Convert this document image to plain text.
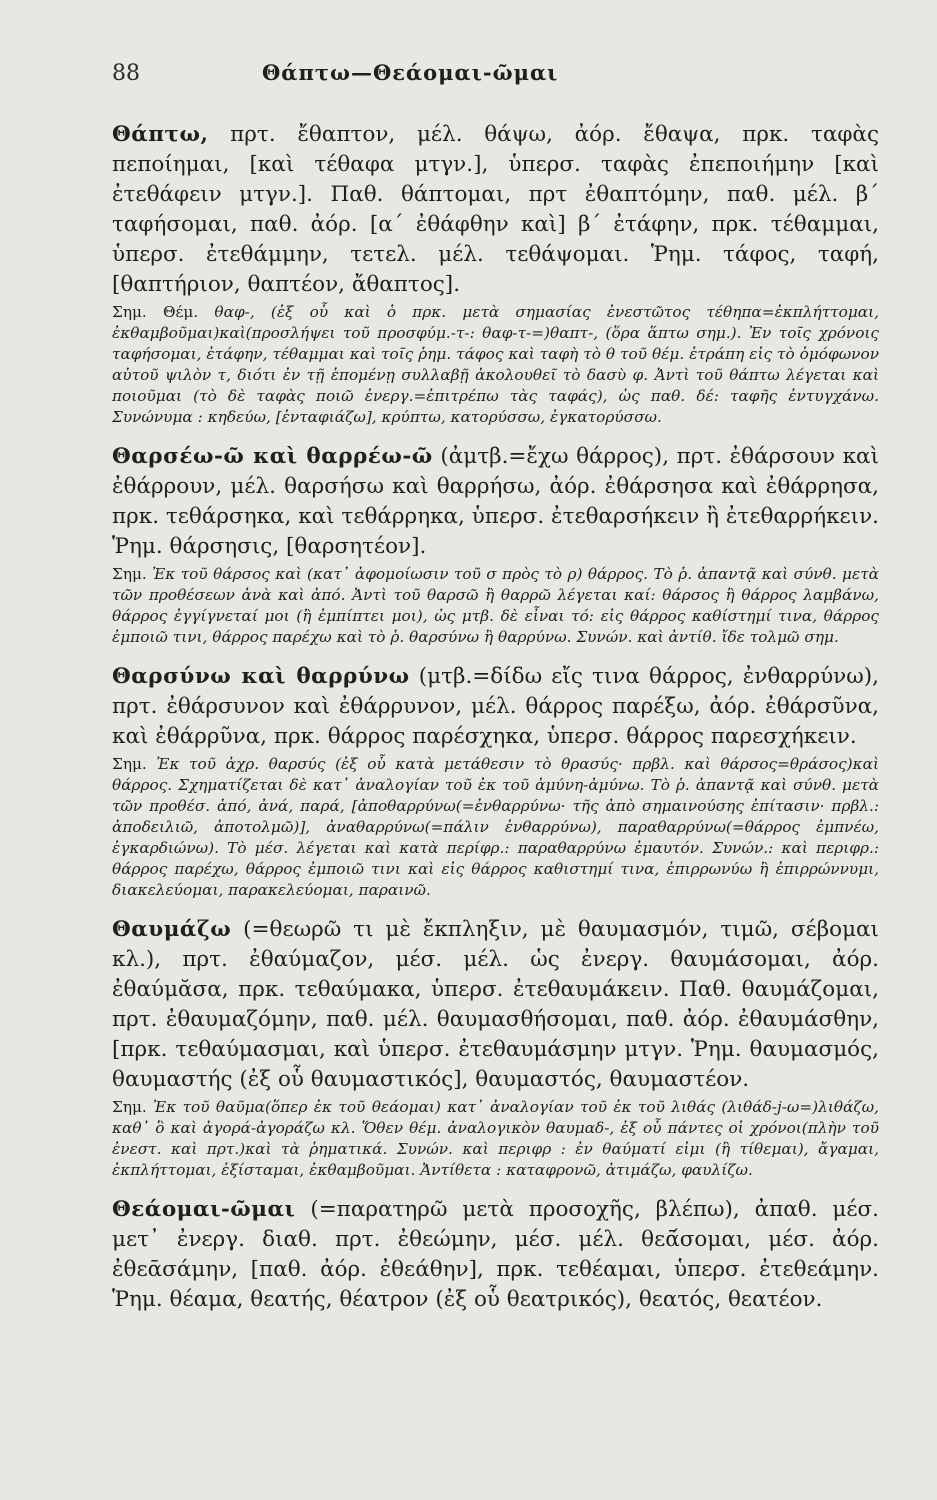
88	Θάπτω—Θεάομαι-ῶμαι

Θάπτω, πρτ. ἔθαπτον, μέλ. θάψω, ἀόρ. ἔθαψα, πρκ. ταφὰς πεποίημαι, [καὶ τέθαφα μτγν.], ὑπερσ. ταφὰς ἐπεποιήμην [καὶ ἐτεθάφειν μτγν.]. Παθ. θάπτομαι, πρτ ἐθαπτόμην, παθ. μέλ. β΄ ταφήσομαι, παθ. ἀόρ. [α΄ ἐθάφθην καὶ] β΄ ἐτάφην, πρκ. τέθαμμαι, ὑπερσ. ἐτεθάμμην, τετελ. μέλ. τεθάψομαι. Ῥημ. τάφος, ταφή, [θαπτήριον, θαπτέον, ἄθαπτος].

Σημ. Θέμ. θαφ-, (ἐξ οὗ καὶ ὁ πρκ. μετὰ σημασίας ἐνεστῶτος τέθηπα=ἐκπλήττομαι, ἐκθαμβοῦμαι)καὶ(προσλήψει τοῦ προσφύμ.-τ-: θαφ-τ-=)θαπτ-, (ὅρα ἅπτω σημ.). Ἐν τοῖς χρόνοις ταφήσομαι, ἐτάφην, τέθαμμαι καὶ τοῖς ῥημ. τάφος καὶ ταφὴ τὸ θ τοῦ θέμ. ἐτράπη εἰς τὸ ὁμόφωνον αὐτοῦ ψιλὸν τ, διότι ἐν τῇ ἑπομένῃ συλλαβῇ ἀκολουθεῖ τὸ δασὺ φ. Ἀντὶ τοῦ θάπτω λέγεται καὶ ποιοῦμαι (τὸ δὲ ταφὰς ποιῶ ἐνεργ.=ἐπιτρέπω τὰς ταφάς), ὡς παθ. δέ: ταφῆς ἐντυγχάνω. Συνώνυμα : κηδεύω, [ἐνταφιάζω], κρύπτω, κατορύσσω, ἐγκατορύσσω.

Θαρσέω-ῶ καὶ θαρρέω-ῶ (ἀμτβ.=ἔχω θάρρος), πρτ. ἐθάρσουν καὶ ἐθάρρουν, μέλ. θαρσήσω καὶ θαρρήσω, ἀόρ. ἐθάρσησα καὶ ἐθάρρησα, πρκ. τεθάρσηκα, καὶ τεθάρρηκα, ὑπερσ. ἐτεθαρσήκειν ἢ ἐτεθαρρήκειν. Ῥημ. θάρσησις, [θαρσητέον].

Σημ. Ἐκ τοῦ θάρσος καὶ (κατ᾽ ἀφομοίωσιν τοῦ σ πρὸς τὸ ρ) θάρρος. Τὸ ῥ. ἀπαντᾷ καὶ σύνθ. μετὰ τῶν προθέσεων ἀνὰ καὶ ἀπό. Ἀντὶ τοῦ θαρσῶ ἢ θαρρῶ λέγεται καί: θάρσος ἢ θάρρος λαμβάνω, θάρρος ἐγγίγνεταί μοι (ἢ ἐμπίπτει μοι), ὡς μτβ. δὲ εἶναι τό: εἰς θάρρος καθίστημί τινα, θάρρος ἐμποιῶ τινι, θάρρος παρέχω καὶ τὸ ῥ. θαρσύνω ἢ θαρρύνω. Συνών. καὶ ἀντίθ. ἴδε τολμῶ σημ.

Θαρσύνω καὶ θαρρύνω (μτβ.=δίδω εἴς τινα θάρρος, ἐνθαρρύνω), πρτ. ἐθάρσυνον καὶ ἐθάρρυνον, μέλ. θάρρος παρέξω, ἀόρ. ἐθάρσῦνα, καὶ ἐθάρρῦνα, πρκ. θάρρος παρέσχηκα, ὑπερσ. θάρρος παρεσχήκειν.

Σημ. Ἐκ τοῦ ἀχρ. θαρσύς (ἐξ οὗ κατὰ μετάθεσιν τὸ θρασύς· πρβλ. καὶ θάρσος=θράσος)καὶ θάρρος. Σχηματίζεται δὲ κατ᾽ ἀναλογίαν τοῦ ἐκ τοῦ ἀμύνη-ἀμύνω. Τὸ ῥ. ἀπαντᾷ καὶ σύνθ. μετὰ τῶν προθέσ. ἀπό, ἀνά, παρά, [ἀποθαρρύνω(=ἐνθαρρύνω· τῆς ἀπὸ σημαινούσης ἐπίτασιν· πρβλ.: ἀποδειλιῶ, ἀποτολμῶ)], ἀναθαρρύνω(=πάλιν ἐνθαρρύνω), παραθαρρύνω(=θάρρος ἐμπνέω, ἐγκαρδιώνω). Τὸ μέσ. λέγεται καὶ κατὰ περίφρ.: παραθαρρύνω ἐμαυτόν. Συνών.: καὶ περιφρ.: θάρρος παρέχω, θάρρος ἐμποιῶ τινι καὶ εἰς θάρρος καθιστημί τινα, ἐπιρρωνύω ἢ ἐπιρρώννυμι, διακελεύομαι, παρακελεύομαι, παραινῶ.

Θαυμάζω (=θεωρῶ τι μὲ ἔκπληξιν, μὲ θαυμασμόν, τιμῶ, σέβομαι κλ.), πρτ. ἐθαύμαζον, μέσ. μέλ. ὡς ἐνεργ. θαυμάσομαι, ἀόρ. ἐθαύμᾰσα, πρκ. τεθαύμακα, ὑπερσ. ἐτεθαυμάκειν. Παθ. θαυμάζομαι, πρτ. ἐθαυμαζόμην, παθ. μέλ. θαυμασθήσομαι, παθ. ἀόρ. ἐθαυμάσθην, [πρκ. τεθαύμασμαι, καὶ ὑπερσ. ἐτεθαυμάσμην μτγν. Ῥημ. θαυμασμός, θαυμαστής (ἐξ οὗ θαυμαστικός], θαυμαστός, θαυμαστέον.

Σημ. Ἐκ τοῦ θαῦμα(ὅπερ ἐκ τοῦ θεάομαι) κατ᾽ ἀναλογίαν τοῦ ἐκ τοῦ λιθάς (λιθάδ-j-ω=)λιθάζω, καθ᾽ ὃ καὶ ἀγορά-ἀγοράζω κλ. Ὅθεν θέμ. ἀναλογικὸν θαυμαδ-, ἐξ οὗ πάντες οἱ χρόνοι(πλὴν τοῦ ἐνεστ. καὶ πρτ.)καὶ τὰ ῥηματικά. Συνών. καὶ περιφρ : ἐν θαύματί εἰμι (ἢ τίθεμαι), ἄγαμαι, ἐκπλήττομαι, ἐξίσταμαι, ἐκθαμβοῦμαι. Ἀντίθετα : καταφρονῶ, ἀτιμάζω, φαυλίζω.

Θεάομαι-ῶμαι (=παρατηρῶ μετὰ προσοχῆς, βλέπω), ἀπαθ. μέσ. μετ᾽ ἐνεργ. διαθ. πρτ. ἐθεώμην, μέσ. μέλ. θεᾱ́σομαι, μέσ. ἀόρ. ἐθεᾱσάμην, [παθ. ἀόρ. ἐθεάθην], πρκ. τεθέαμαι, ὑπερσ. ἐτεθεάμην. Ῥημ. θέαμα, θεατής, θέατρον (ἐξ οὗ θεατρικός), θεατός, θεατέον.
